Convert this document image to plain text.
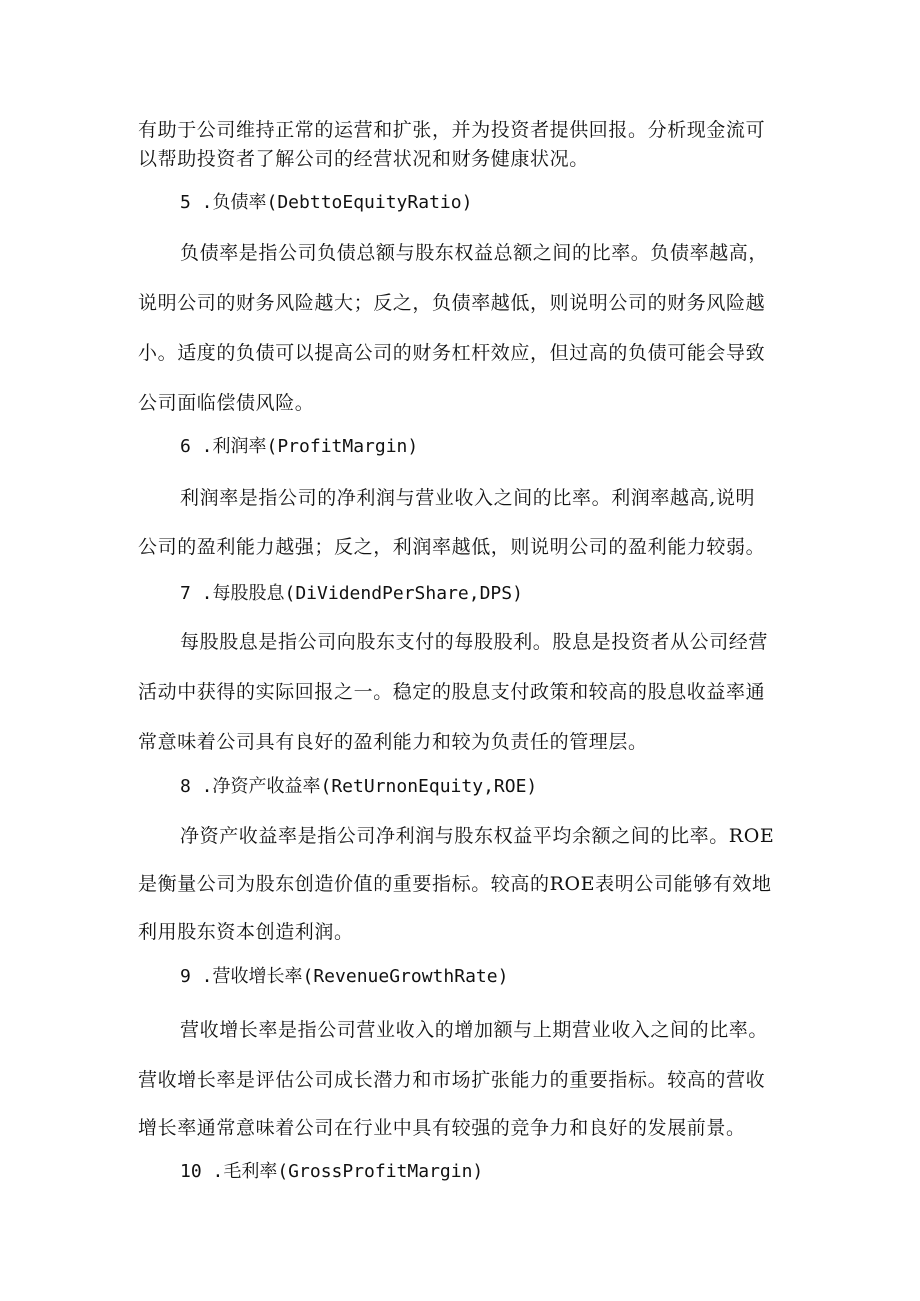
有助于公司维持正常的运营和扩张，并为投资者提供回报。分析现金流可
以帮助投资者了解公司的经营状况和财务健康状况。
5 .负债率(DebttoEquityRatio)
负债率是指公司负债总额与股东权益总额之间的比率。负债率越高，
说明公司的财务风险越大；反之，负债率越低，则说明公司的财务风险越
小。适度的负债可以提高公司的财务杠杆效应，但过高的负债可能会导致
公司面临偿债风险。
6 .利润率(ProfitMargin)
利润率是指公司的净利润与营业收入之间的比率。利润率越高,说明
公司的盈利能力越强；反之，利润率越低，则说明公司的盈利能力较弱。
7 .每股股息(DiVidendPerShare,DPS)
每股股息是指公司向股东支付的每股股利。股息是投资者从公司经营
活动中获得的实际回报之一。稳定的股息支付政策和较高的股息收益率通
常意味着公司具有良好的盈利能力和较为负责任的管理层。
8 .净资产收益率(RetUrnonEquity,ROE)
净资产收益率是指公司净利润与股东权益平均余额之间的比率。ROE
是衡量公司为股东创造价值的重要指标。较高的ROE表明公司能够有效地
利用股东资本创造利润。
9 .营收增长率(RevenueGrowthRate)
营收增长率是指公司营业收入的增加额与上期营业收入之间的比率。
营收增长率是评估公司成长潜力和市场扩张能力的重要指标。较高的营收
增长率通常意味着公司在行业中具有较强的竞争力和良好的发展前景。
10 .毛利率(GrossProfitMargin)
